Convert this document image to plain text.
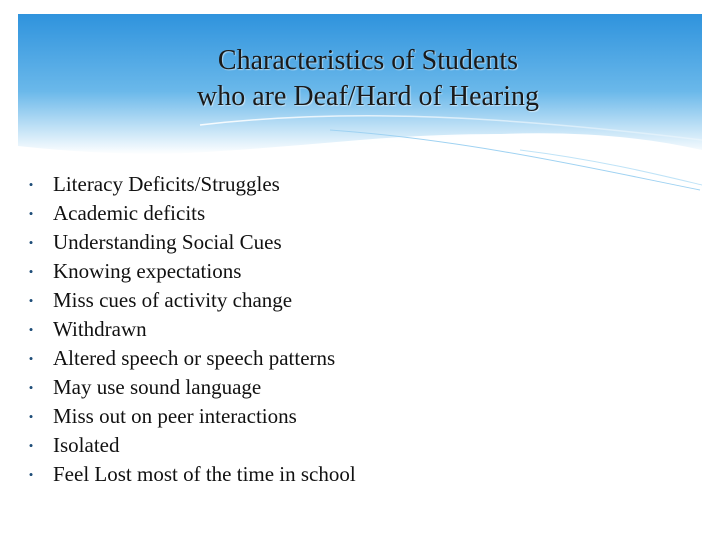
Characteristics of Students
who are Deaf/Hard of Hearing
• Literacy Deficits/Struggles
• Academic deficits
• Understanding Social Cues
• Knowing expectations
• Miss cues of activity change
• Withdrawn
• Altered speech or speech patterns
• May use sound language
• Miss out on peer interactions
• Isolated
• Feel Lost most of the time in school
